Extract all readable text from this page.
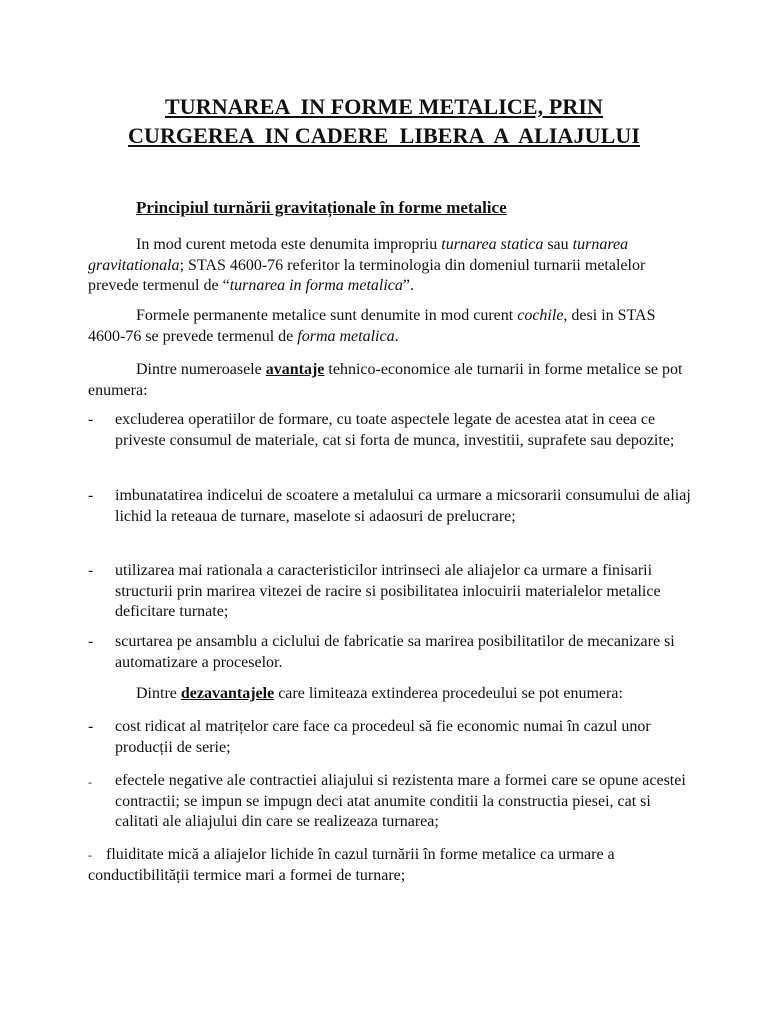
TURNAREA  IN FORME METALICE, PRIN
CURGEREA  IN CADERE  LIBERA  A  ALIAJULUI
Principiul turnării gravitaționale în forme metalice

In mod curent metoda este denumita impropriu turnarea statica sau turnarea gravitationala; STAS 4600-76 referitor la terminologia din domeniul turnarii metalelor prevede termenul de “turnarea in forma metalica”.

Formele permanente metalice sunt denumite in mod curent cochile, desi in STAS 4600-76 se prevede termenul de forma metalica.

Dintre numeroasele avantaje tehnico-economice ale turnarii in forme metalice se pot enumera:

- excluderea operatiilor de formare, cu toate aspectele legate de acestea atat in ceea ce priveste consumul de materiale, cat si forta de munca, investitii, suprafete sau depozite;
- imbunatatirea indicelui de scoatere a metalului ca urmare a micsorarii consumului de aliaj lichid la reteaua de turnare, maselote si adaosuri de prelucrare;
- utilizarea mai rationala a caracteristicilor intrinseci ale aliajelor ca urmare a finisarii structurii prin marirea vitezei de racire si posibilitatea inlocuirii materialelor metalice deficitare turnate;
- scurtarea pe ansamblu a ciclului de fabricatie sa marirea posibilitatilor de mecanizare si automatizare a proceselor.

Dintre dezavantajele care limiteaza extinderea procedeului se pot enumera:

- cost ridicat al matrițelor care face ca procedeul să fie economic numai în cazul unor producții de serie;
- efectele negative ale contractiei aliajului si rezistenta mare a formei care se opune acestei contractii; se impun se impugn deci atat anumite conditii la constructia piesei, cat si calitati ale aliajului din care se realizeaza turnarea;
- fluiditate mică a aliajelor lichide în cazul turnării în forme metalice ca urmare a conductibilității termice mari a formei de turnare;
